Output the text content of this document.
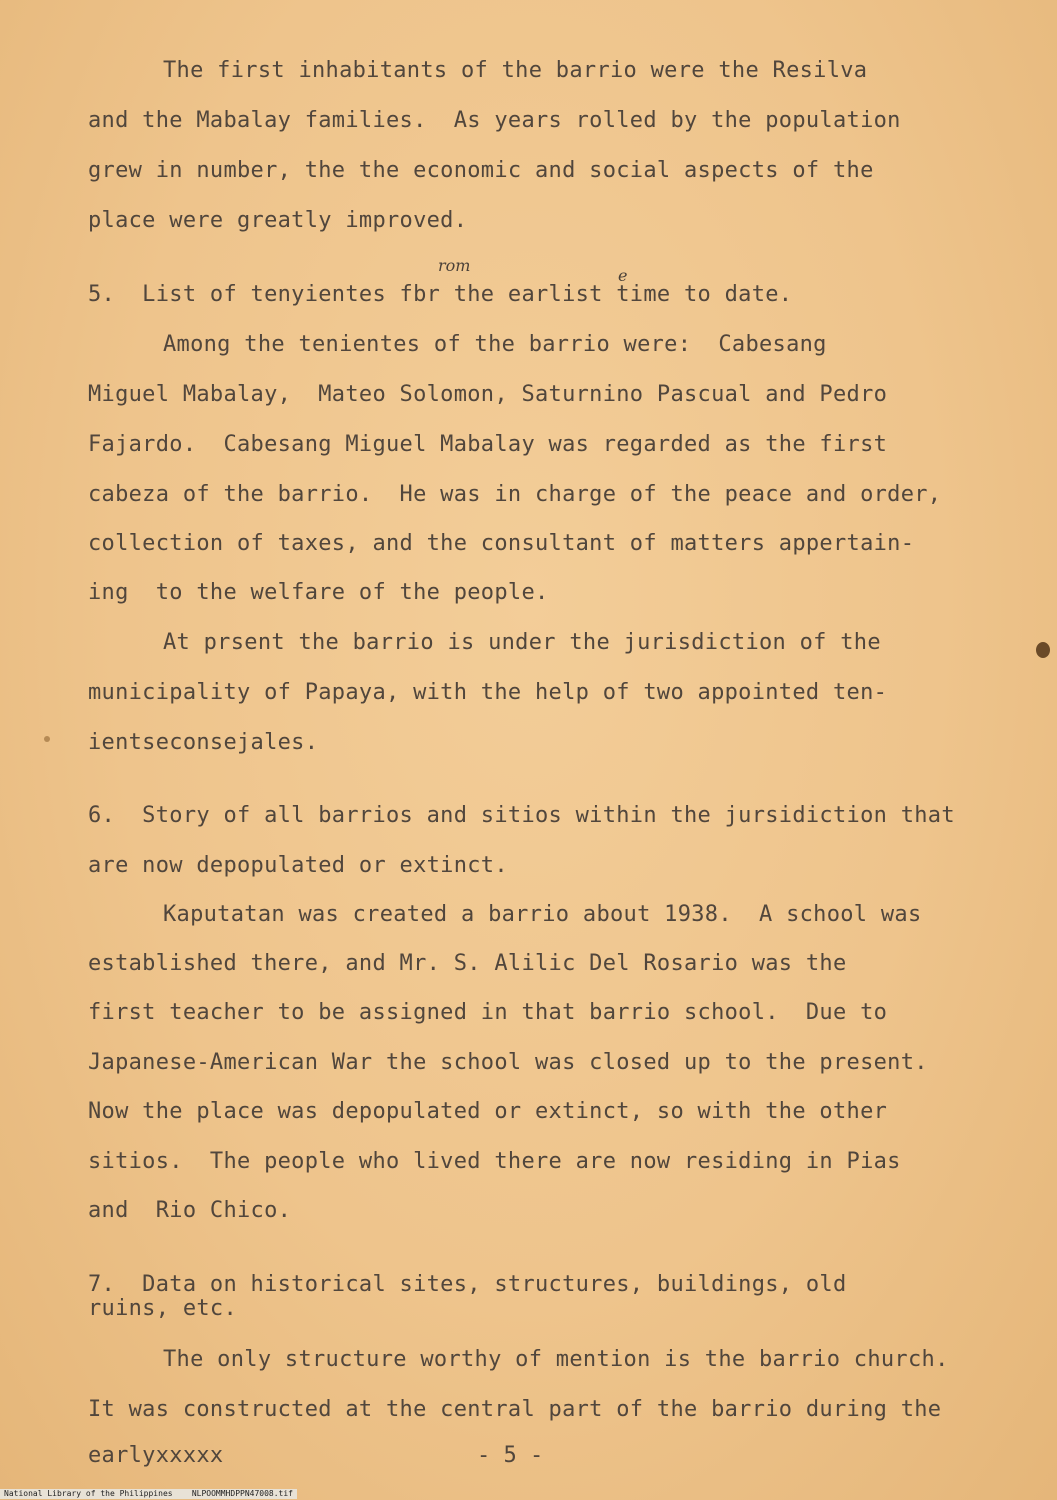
The first inhabitants of the barrio were the Resilva
and the Mabalay families.  As years rolled by the population
grew in number, the the economic and social aspects of the
place were greatly improved.
5.  List of tenyientes fbr the earlist time to date.
rom
e
Among the tenientes of the barrio were:  Cabesang
Miguel Mabalay,  Mateo Solomon, Saturnino Pascual and Pedro
Fajardo.  Cabesang Miguel Mabalay was regarded as the first
cabeza of the barrio.  He was in charge of the peace and order,
collection of taxes, and the consultant of matters appertain-
ing  to the welfare of the people.
At prsent the barrio is under the jurisdiction of the
municipality of Papaya, with the help of two appointed ten-
ientseconsejales.
6.  Story of all barrios and sitios within the jursidiction that
are now depopulated or extinct.
Kaputatan was created a barrio about 1938.  A school was
established there, and Mr. S. Alilic Del Rosario was the
first teacher to be assigned in that barrio school.  Due to
Japanese-American War the school was closed up to the present.
Now the place was depopulated or extinct, so with the other
sitios.  The people who lived there are now residing in Pias
and  Rio Chico.
7.  Data on historical sites, structures, buildings, old
ruins, etc.
The only structure worthy of mention is the barrio church.
It was constructed at the central part of the barrio during the
earlyxxxxx	- 5 -
National Library of the Philippines    NLPOOMMHDPPN47008.tif
